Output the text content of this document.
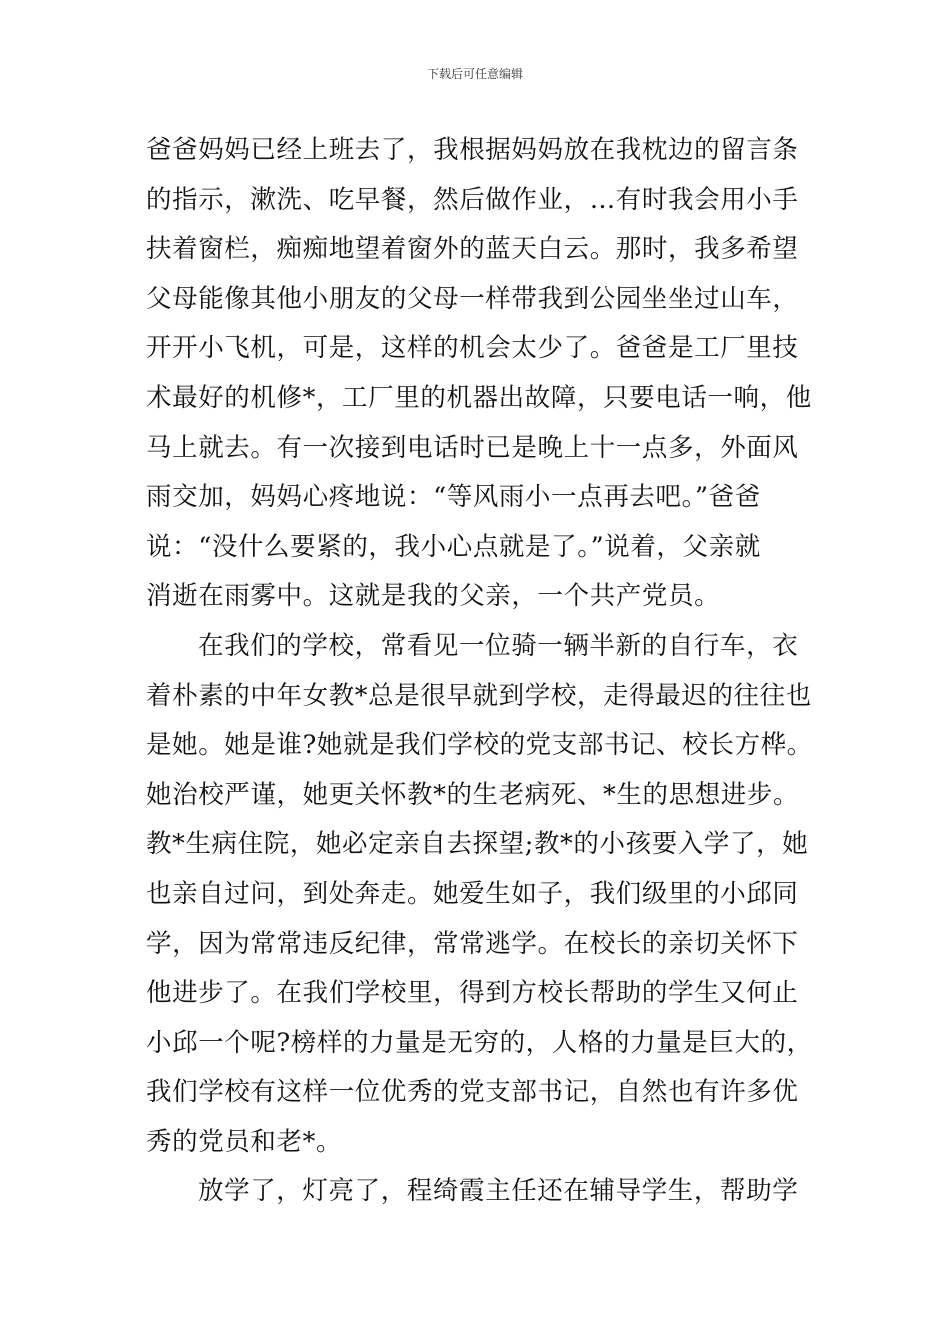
下载后可任意编辑
爸爸妈妈已经上班去了，我根据妈妈放在我枕边的留言条
的指示，漱洗、吃早餐，然后做作业，…有时我会用小手
扶着窗栏，痴痴地望着窗外的蓝天白云。那时，我多希望
父母能像其他小朋友的父母一样带我到公园坐坐过山车，
开开小飞机，可是，这样的机会太少了。爸爸是工厂里技
术最好的机修*，工厂里的机器出故障，只要电话一响，他
马上就去。有一次接到电话时已是晚上十一点多，外面风
雨交加，妈妈心疼地说：“等风雨小一点再去吧。”爸爸
说：“没什么要紧的，我小心点就是了。”说着，父亲就
消逝在雨雾中。这就是我的父亲，一个共产党员。
在我们的学校，常看见一位骑一辆半新的自行车，衣
着朴素的中年女教*总是很早就到学校，走得最迟的往往也
是她。她是谁?她就是我们学校的党支部书记、校长方桦。
她治校严谨，她更关怀教*的生老病死、*生的思想进步。
教*生病住院，她必定亲自去探望;教*的小孩要入学了，她
也亲自过问，到处奔走。她爱生如子，我们级里的小邱同
学，因为常常违反纪律，常常逃学。在校长的亲切关怀下
他进步了。在我们学校里，得到方校长帮助的学生又何止
小邱一个呢?榜样的力量是无穷的，人格的力量是巨大的，
我们学校有这样一位优秀的党支部书记，自然也有许多优
秀的党员和老*。
放学了，灯亮了，程绮霞主任还在辅导学生，帮助学
